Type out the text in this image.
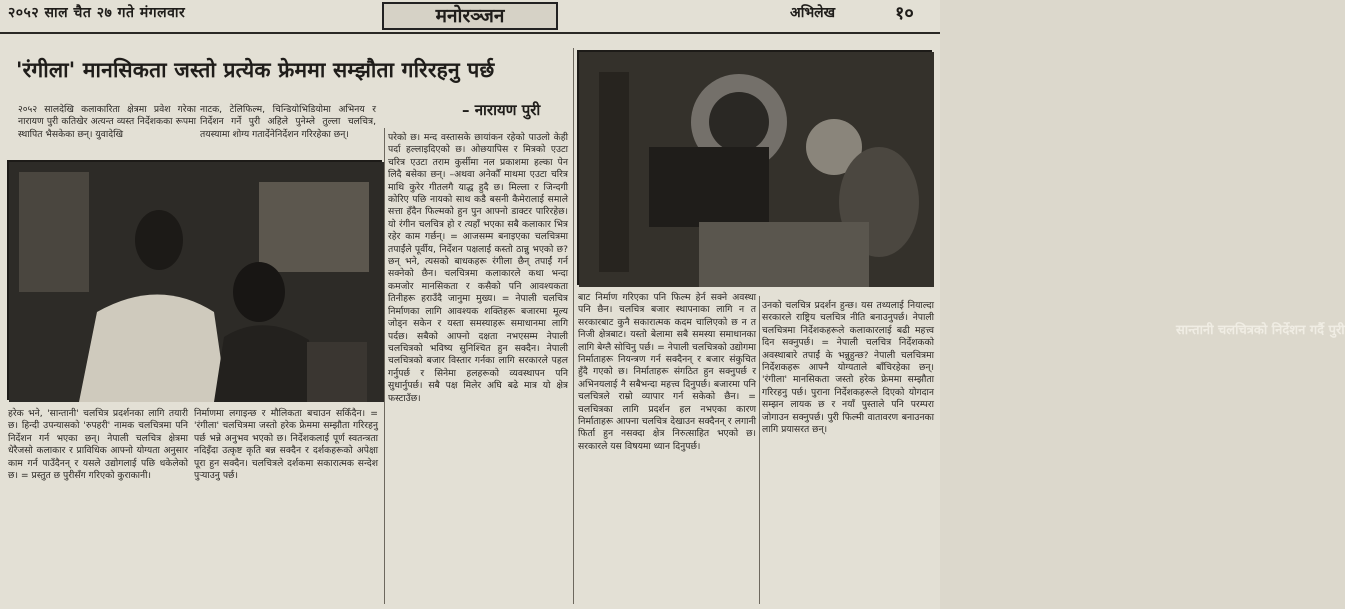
२०५२ साल चैत २७ गते मंगलवार	मनोरञ्जन	अभिलेख	१०
'रंगीला' मानसिकता जस्तो प्रत्येक फ्रेममा सम्झौता गरिरहनु पर्छ
– नारायण पुरी

२०५२ सालदेखि कलाकारिता क्षेत्रमा प्रवेश गरेका नारायण पुरी कतिखेर अत्यन्त व्यस्त निर्देशकका रूपमा स्थापित भैसकेका छन्। युवादेखि

नाटक, टेलिफिल्म, चिन्डियोभिडियोमा अभिनय र निर्देशन गर्ने पुरी अहिले पुनेम्ले तुल्ला चलचित्र, तयस्यामा शोग्य गतार्देनेनिर्देशन गरिरहेका छन्।

सान्तानी चलचित्रको निर्देशन गर्दै पुरी

परेको छ। मन्द वस्तासके छायांकन रहेको पाउलो केही पर्दा हल्लाइदिएको छ। ओछयापिस र मित्रको एउटा चरित्र एउटा तराम कुर्सीमा नल प्रकाशमा हल्का पेन लिदै बसेका छन्। –अथवा अनेकौँ माथमा एउटा चरित्र माथि कुरेर गीतलगै याद्ध हुदै छ। मिल्ला र जिन्दगी कोरिए पछि नायको साथ कडै बसनी कैमेरालाई समाले सत्ता हँदैन फिल्मको हुन पुन आफ्नो डाक्टर पारिरहेछ। यो रंगीन चलचित्र हो र त्यहाँ भएका सबै कलाकार भित्र रहेर काम गर्छन्। = आजसम्म बनाइएका चलचित्रमा तपाईंले पूर्वीय, निर्देशन पक्षलाई कस्तो ठान्नु भएको छ? छन् भने, त्यसको बाधकहरू रंगीला छैन् तपाईं गर्न सक्नेको छैन। चलचित्रमा कलाकारले कथा भन्दा कमजोर मानसिकता र कसैको पनि आवश्यकता तिनीहरू हराउँदै जानुमा मुख्य। = नेपाली चलचित्र निर्माणका लागि आवश्यक शक्तिहरू बजारमा मूल्य जोड्न सकेन र यस्ता समस्याहरू समाधानमा लागि पर्दछ। सबैको आफ्नो दक्षता नभएसम्म नेपाली चलचित्रको भविष्य सुनिश्चित हुन सक्दैन। नेपाली चलचित्रको बजार विस्तार गर्नका लागि सरकारले पहल गर्नुपर्छ र सिनेमा हलहरूको व्यवस्थापन पनि सुधार्नुपर्छ। सबै पक्ष मिलेर अघि बढे मात्र यो क्षेत्र फस्टाउँछ।

हरेक भने, 'सान्तानी' चलचित्र प्रदर्शनका लागि तयारी छ। हिन्दी उपन्यासको 'रुपहरी' नामक चलचित्रमा पनि निर्देशन गर्न भएका छन्। नेपाली चलचित्र क्षेत्रमा धेरैजसो कलाकार र प्राविधिक आफ्नो योग्यता अनुसार काम गर्न पाउँदैनन् र यसले उद्योगलाई पछि धकेलेको छ। = प्रस्तुत छ पुरीसँग गरिएको कुराकानी।

निर्माणमा लगाइन्छ र मौलिकता बचाउन सकिँदैन। = 'रंगीला' चलचित्रमा जस्तो हरेक फ्रेममा सम्झौता गरिरहनु पर्छ भन्ने अनुभव भएको छ। निर्देशकलाई पूर्ण स्वतन्त्रता नदिइँदा उत्कृष्ट कृति बन्न सक्दैन र दर्शकहरूको अपेक्षा पूरा हुन सक्दैन। चलचित्रले दर्शकमा सकारात्मक सन्देश पुर्‍याउनु पर्छ।

बाट निर्माण गरिएका पनि फिल्म हेर्न सक्ने अवस्था पनि छैन। चलचित्र बजार स्थापनाका लागि न त सरकारबाट कुनै सकारात्मक कदम चालिएको छ न त निजी क्षेत्रबाट। यस्तो बेलामा सबै समस्या समाधानका लागि बेग्लै सोचिनु पर्छ। = नेपाली चलचित्रको उद्योगमा निर्माताहरू नियन्त्रण गर्न सक्दैनन् र बजार संकुचित हुँदै गएको छ। निर्माताहरू संगठित हुन सक्नुपर्छ र अभिनयलाई नै सबैभन्दा महत्त्व दिनुपर्छ। बजारमा पनि चलचित्रले राम्रो व्यापार गर्न सकेको छैन। = चलचित्रका लागि प्रदर्शन हल नभएका कारण निर्माताहरू आफ्ना चलचित्र देखाउन सक्दैनन् र लगानी फिर्ता हुन नसक्दा क्षेत्र निरुत्साहित भएको छ। सरकारले यस विषयमा ध्यान दिनुपर्छ।

उनको चलचित्र प्रदर्शन हुन्छ। यस तथ्यलाई नियाल्दा सरकारले राष्ट्रिय चलचित्र नीति बनाउनुपर्छ। नेपाली चलचित्रमा निर्देशकहरूले कलाकारलाई बढी महत्त्व दिन सक्नुपर्छ। = नेपाली चलचित्र निर्देशकको अवस्थाबारे तपाईं के भन्नुहुन्छ? नेपाली चलचित्रमा निर्देशकहरू आफ्नै योग्यताले बाँचिरहेका छन्। 'रंगीला' मानसिकता जस्तो हरेक फ्रेममा सम्झौता गरिरहनु पर्छ। पुराना निर्देशकहरूले दिएको योगदान सम्झन लायक छ र नयाँ पुस्ताले पनि परम्परा जोगाउन सक्नुपर्छ। पुरी फिल्मी वातावरण बनाउनका लागि प्रयासरत छन्।
